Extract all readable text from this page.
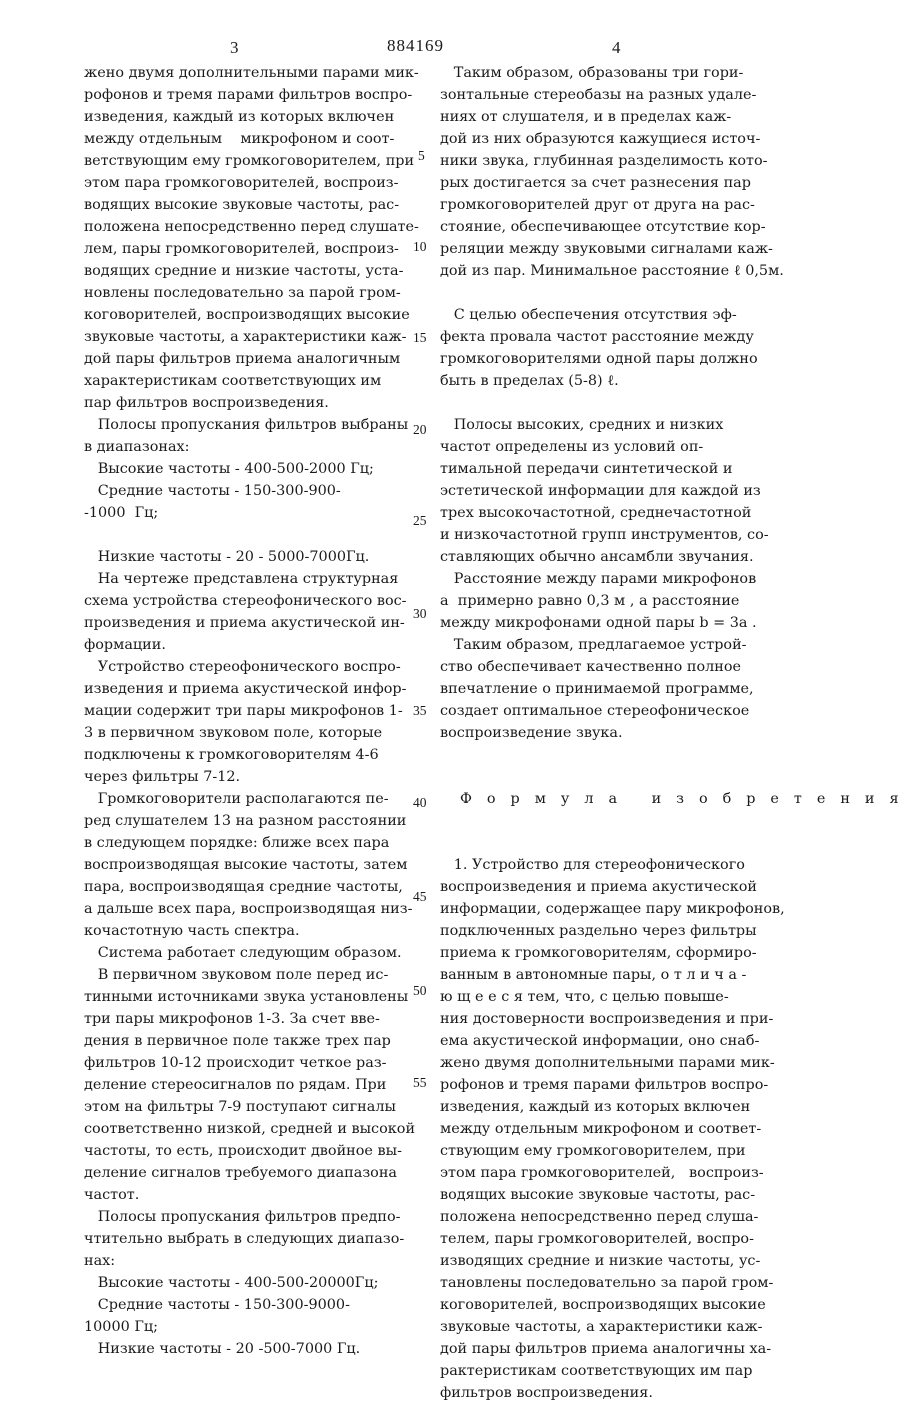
3	884169	4

жено двумя дополнительными парами мик-

рофонов и тремя парами фильтров воспро-

изведения, каждый из которых включен

между отдельным    микрофоном и соот-

ветствующим ему громкоговорителем, при

этом пара громкоговорителей, воспроиз-

водящих высокие звуковые частоты, рас-

положена непосредственно перед слушате-

лем, пары громкоговорителей, воспроиз-

водящих средние и низкие частоты, уста-

новлены последовательно за парой гром-

коговорителей, воспроизводящих высокие

звуковые частоты, а характеристики каж-

дой пары фильтров приема аналогичным

характеристикам соответствующих им

пар фильтров воспроизведения.

Полосы пропускания фильтров выбраны

в диапазонах:

Высокие частоты - 400-500-2000 Гц;

Средние частоты - 150-300-900-

-1000  Гц;

Низкие частоты - 20 - 5000-7000Гц.

На чертеже представлена структурная

схема устройства стереофонического вос-

произведения и приема акустической ин-

формации.

Устройство стереофонического воспро-

изведения и приема акустической инфор-

мации содержит три пары микрофонов 1-

3 в первичном звуковом поле, которые

подключены к громкоговорителям 4-6

через фильтры 7-12.

Громкоговорители располагаются пе-

ред слушателем 13 на разном расстоянии

в следующем порядке: ближе всех пара

воспроизводящая высокие частоты, затем

пара, воспроизводящая средние частоты,

а дальше всех пара, воспроизводящая низ-

кочастотную часть спектра.

Система работает следующим образом.

В первичном звуковом поле перед ис-

тинными источниками звука установлены

три пары микрофонов 1-3. За счет вве-

дения в первичное поле также трех пар

фильтров 10-12 происходит четкое раз-

деление стереосигналов по рядам. При

этом на фильтры 7-9 поступают сигналы

соответственно низкой, средней и высокой

частоты, то есть, происходит двойное вы-

деление сигналов требуемого диапазона

частот.

Полосы пропускания фильтров предпо-

чтительно выбрать в следующих диапазо-

нах:

Высокие частоты - 400-500-20000Гц;

Средние частоты - 150-300-9000-

10000 Гц;

Низкие частоты - 20 -500-7000 Гц.

Таким образом, образованы три гори-

зонтальные стереобазы на разных удале-

ниях от слушателя, и в пределах каж-

дой из них образуются кажущиеся источ-

ники звука, глубинная разделимость кото-

рых достигается за счет разнесения пар

громкоговорителей друг от друга на рас-

стояние, обеспечивающее отсутствие кор-

реляции между звуковыми сигналами каж-

дой из пар. Минимальное расстояние ℓ 0,5м.

С целью обеспечения отсутствия эф-

фекта провала частот расстояние между

громкоговорителями одной пары должно

быть в пределах (5-8) ℓ.

Полосы высоких, средних и низких

частот определены из условий оп-

тимальной передачи синтетической и

эстетической информации для каждой из

трех высокочастотной, среднечастотной

и низкочастотной групп инструментов, со-

ставляющих обычно ансамбли звучания.

Расстояние между парами микрофонов

a  примерно равно 0,3 м , а расстояние

между микрофонами одной пары b = 3a .

Таким образом, предлагаемое устрой-

ство обеспечивает качественно полное

впечатление о принимаемой программе,

создает оптимальное стереофоническое

воспроизведение звука.

Ф о р м у л а   и з о б р е т е н и я

1. Устройство для стереофонического

воспроизведения и приема акустической

информации, содержащее пару микрофонов,

подключенных раздельно через фильтры

приема к громкоговорителям, сформиро-

ванным в автономные пары, о т л и ч а -

ю щ е е с я тем, что, с целью повыше-

ния достоверности воспроизведения и при-

ема акустической информации, оно снаб-

жено двумя дополнительными парами мик-

рофонов и тремя парами фильтров воспро-

изведения, каждый из которых включен

между отдельным микрофоном и соответ-

ствующим ему громкоговорителем, при

этом пара громкоговорителей,   воспроиз-

водящих высокие звуковые частоты, рас-

положена непосредственно перед слуша-

телем, пары громкоговорителей, воспро-

изводящих средние и низкие частоты, ус-

тановлены последовательно за парой гром-

коговорителей, воспроизводящих высокие

звуковые частоты, а характеристики каж-

дой пары фильтров приема аналогичны ха-

рактеристикам соответствующих им пар

фильтров воспроизведения.

5
10
15
20
25
30
35
40
45
50
55
